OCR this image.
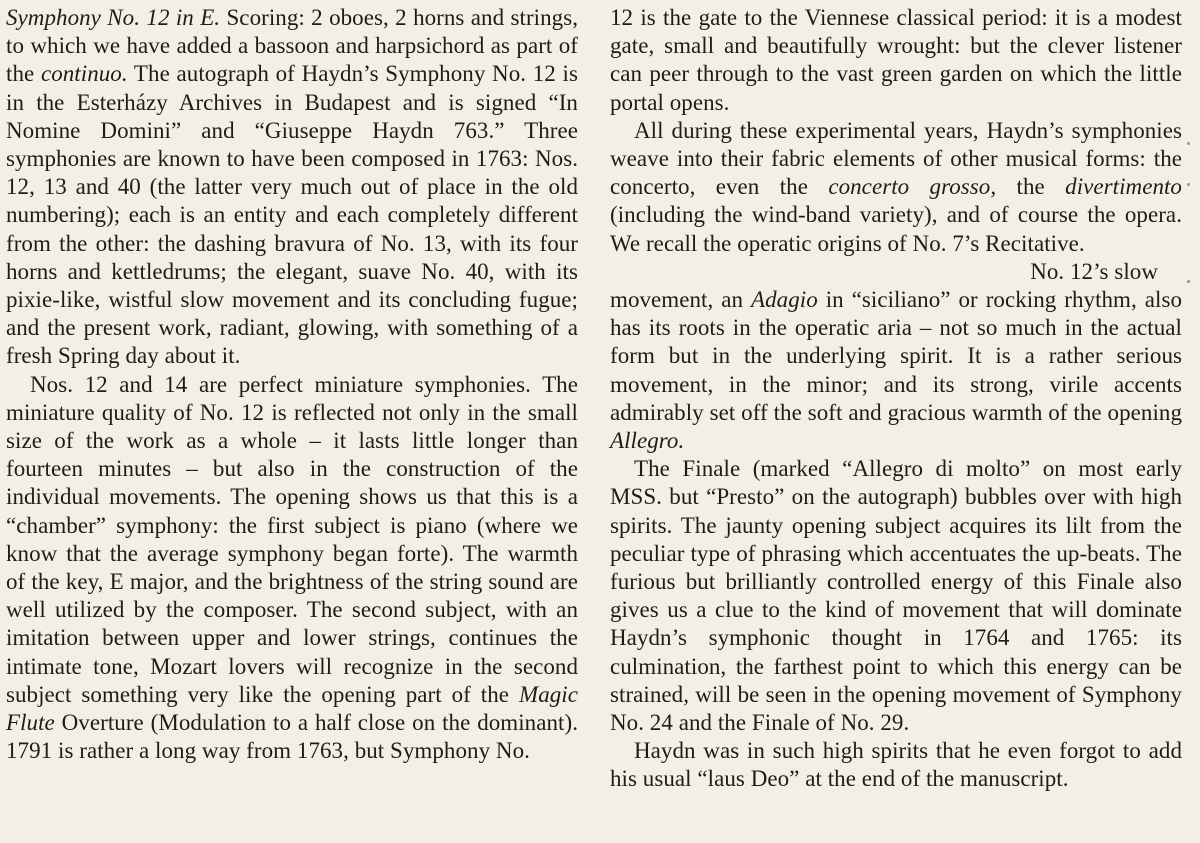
Symphony No. 12 in E. Scoring: 2 oboes, 2 horns and strings, to which we have added a bassoon and harpsichord as part of the continuo. The autograph of Haydn’s Symphony No. 12 is in the Esterházy Archives in Budapest and is signed “In Nomine Domini” and “Giuseppe Haydn 763.” Three symphonies are known to have been composed in 1763: Nos. 12, 13 and 40 (the latter very much out of place in the old numbering); each is an entity and each completely different from the other: the dashing bravura of No. 13, with its four horns and kettledrums; the elegant, suave No. 40, with its pixie-like, wistful slow movement and its concluding fugue; and the present work, radiant, glowing, with something of a fresh Spring day about it.

Nos. 12 and 14 are perfect miniature symphonies. The miniature quality of No. 12 is reflected not only in the small size of the work as a whole – it lasts little longer than fourteen minutes – but also in the construction of the individual movements. The opening shows us that this is a “chamber” symphony: the first subject is piano (where we know that the average symphony began forte). The warmth of the key, E major, and the brightness of the string sound are well utilized by the composer. The second subject, with an imitation between upper and lower strings, continues the intimate tone, Mozart lovers will recognize in the second subject something very like the opening part of the Magic Flute Overture (Modulation to a half close on the dominant). 1791 is rather a long way from 1763, but Symphony No.

12 is the gate to the Viennese classical period: it is a modest gate, small and beautifully wrought: but the clever listener can peer through to the vast green garden on which the little portal opens.

All during these experimental years, Haydn’s symphonies weave into their fabric elements of other musical forms: the concerto, even the concerto grosso, the divertimento (including the wind-band variety), and of course the opera. We recall the operatic origins of No. 7’s Recitative.

No. 12’s slow

movement, an Adagio in “siciliano” or rocking rhythm, also has its roots in the operatic aria – not so much in the actual form but in the underlying spirit. It is a rather serious movement, in the minor; and its strong, virile accents admirably set off the soft and gracious warmth of the opening Allegro.

The Finale (marked “Allegro di molto” on most early MSS. but “Presto” on the autograph) bubbles over with high spirits. The jaunty opening subject acquires its lilt from the peculiar type of phrasing which accentuates the up-beats. The furious but brilliantly controlled energy of this Finale also gives us a clue to the kind of movement that will dominate Haydn’s symphonic thought in 1764 and 1765: its culmination, the farthest point to which this energy can be strained, will be seen in the opening movement of Symphony No. 24 and the Finale of No. 29.

Haydn was in such high spirits that he even forgot to add his usual “laus Deo” at the end of the manuscript.
